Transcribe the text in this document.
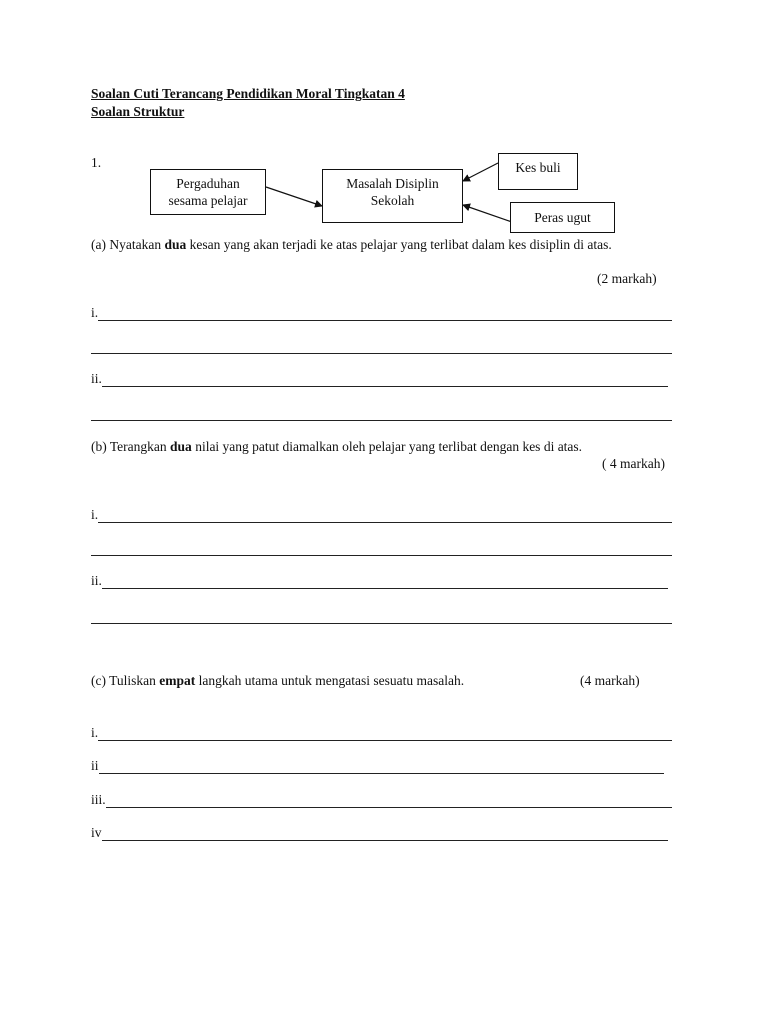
Soalan Cuti Terancang Pendidikan Moral Tingkatan 4
Soalan Struktur
1.
Pergaduhan
sesama pelajar
Masalah Disiplin
Sekolah
Kes buli
Peras ugut
(a) Nyatakan dua kesan yang akan terjadi ke atas pelajar yang terlibat dalam kes disiplin di atas.
(2 markah)
i.
ii.
(b) Terangkan dua nilai yang patut diamalkan oleh pelajar yang terlibat dengan kes di atas.
( 4 markah)
i.
ii.
(c) Tuliskan empat langkah utama untuk mengatasi sesuatu masalah.	(4 markah)
i.
ii
iii.
iv
